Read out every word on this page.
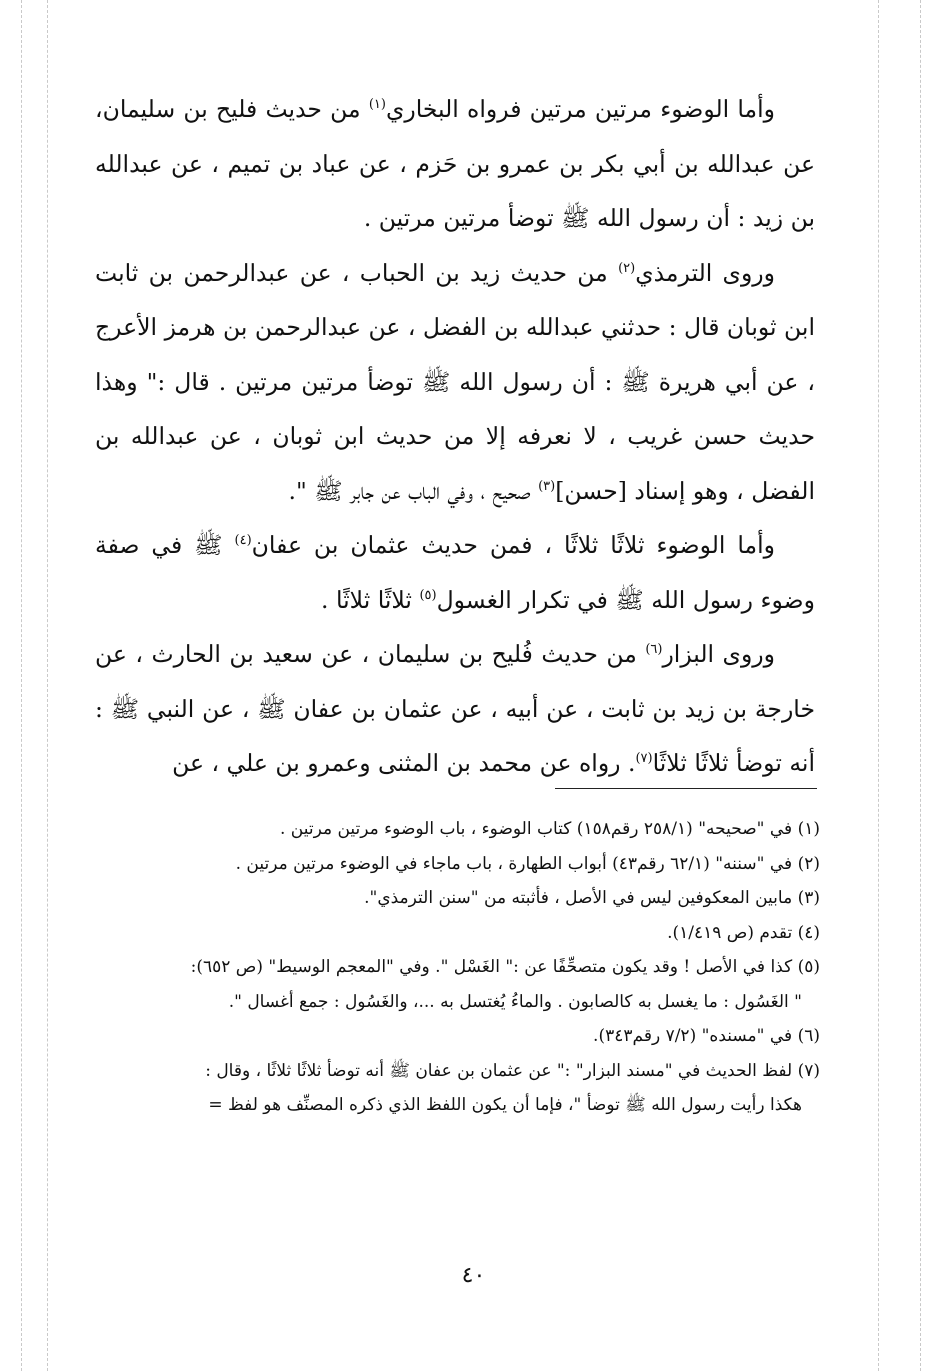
وأما الوضوء مرتين مرتين فرواه البخاري$^{(١)}$ من حديث فليح بن سليمان، عن عبدالله بن أبي بكر بن عمرو بن حَزم ، عن عباد بن تميم ، عن عبدالله بن زيد : أن رسول الله ﷺ توضأ مرتين مرتين .

وروى الترمذي$^{(٢)}$ من حديث زيد بن الحباب ، عن عبدالرحمن بن ثابت ابن ثوبان قال : حدثني عبدالله بن الفضل ، عن عبدالرحمن بن هرمز الأعرج ، عن أبي هريرة ﷺ : أن رسول الله ﷺ توضأ مرتين مرتين . قال :" وهذا حديث حسن غريب ، لا نعرفه إلا من حديث ابن ثوبان ، عن عبدالله بن الفضل ، وهو إسناد [حسن]$^{(٣)}$ صحيح ، وفي الباب عن جابر ﷺ ".

وأما الوضوء ثلاثًا ثلاثًا ، فمن حديث عثمان بن عفان$^{(٤)}$ ﷺ في صفة وضوء رسول الله ﷺ في تكرار الغسول$^{(٥)}$ ثلاثًا ثلاثًا .

وروى البزار$^{(٦)}$ من حديث فُليح بن سليمان ، عن سعيد بن الحارث ، عن خارجة بن زيد بن ثابت ، عن أبيه ، عن عثمان بن عفان ﷺ ، عن النبي ﷺ : أنه توضأ ثلاثًا ثلاثًا$^{(٧)}$. رواه عن محمد بن المثنى وعمرو بن علي ، عن

(١) في "صحيحه" (٢٥٨/١ رقم١٥٨) كتاب الوضوء ، باب الوضوء مرتين مرتين .

(٢) في "سننه" (٦٢/١ رقم٤٣) أبواب الطهارة ، باب ماجاء في الوضوء مرتين مرتين .

(٣) مابين المعكوفين ليس في الأصل ، فأثبته من "سنن الترمذي".

(٤) تقدم (ص ١/٤١٩).

(٥) كذا في الأصل ! وقد يكون متصحِّفًا عن :" الغَسْل ". وفي "المعجم الوسيط" (ص ٦٥٢):

" الغَسُول : ما يغسل به كالصابون . والماءُ يُغتسل به ...، والغَسُول : جمع أغسال ".

(٦) في "مسنده" (٧/٢ رقم٣٤٣).

(٧) لفظ الحديث في "مسند البزار" :" عن عثمان بن عفان ﷺ أنه توضأ ثلاثًا ثلاثًا ، وقال :

هكذا رأيت رسول الله ﷺ توضأ "، فإما أن يكون اللفظ الذي ذكره المصنِّف هو لفظ =

٤٠
